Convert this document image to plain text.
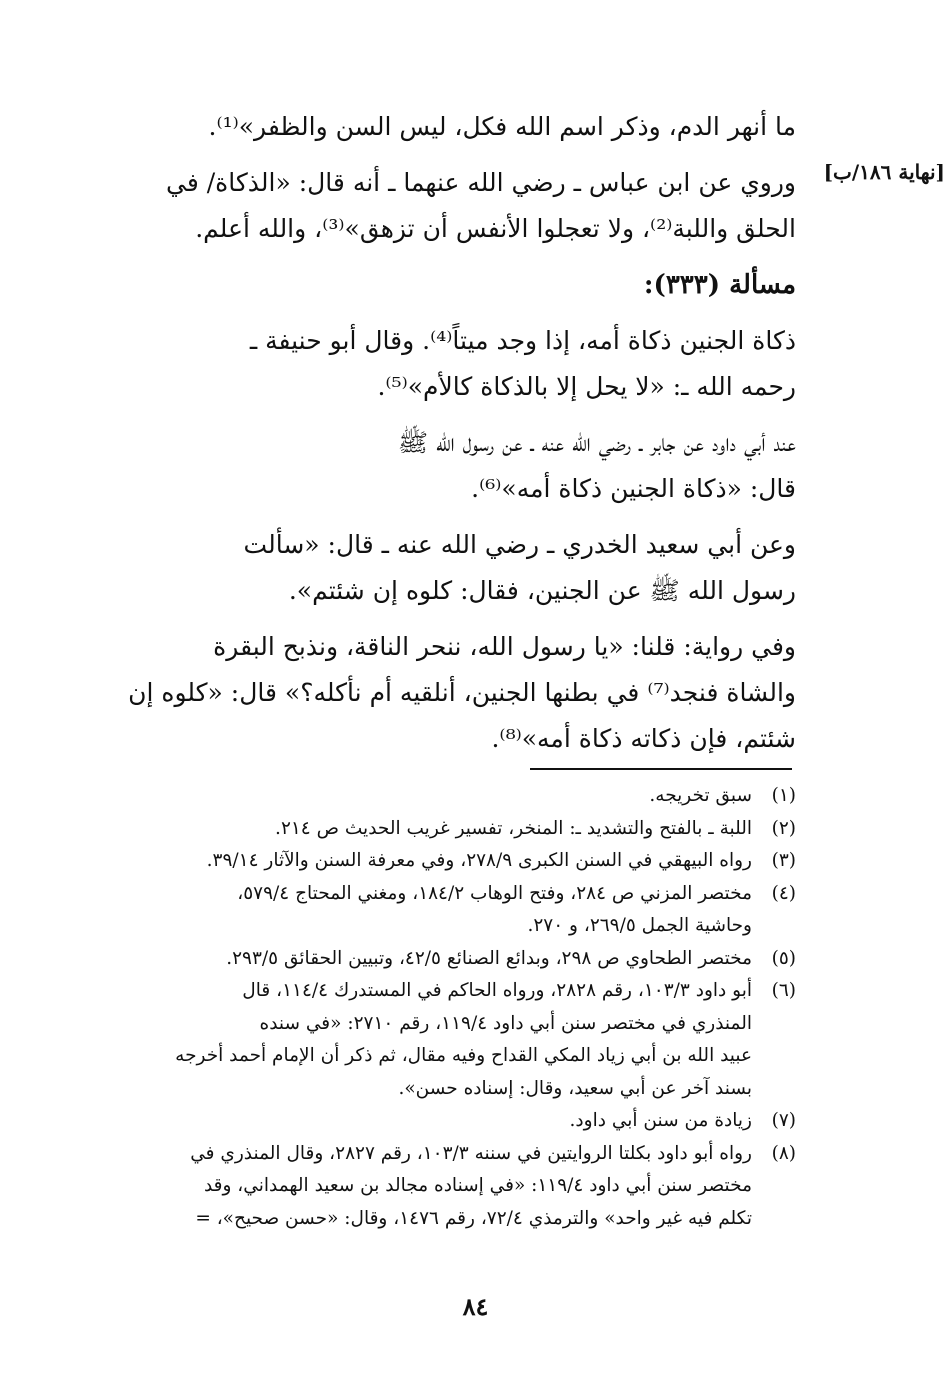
[نهاية ١٨٦/ب]
ما أنهر الدم، وذكر اسم الله فكل، ليس السن والظفر»⁽¹⁾.
وروي عن ابن عباس ـ رضي الله عنهما ـ أنه قال: «الذكاة/ في
الحلق واللبة⁽²⁾، ولا تعجلوا الأنفس أن تزهق»⁽³⁾، والله أعلم.
مسألة (٣٣٣):
ذكاة الجنين ذكاة أمه، إذا وجد ميتاً⁽⁴⁾. وقال أبو حنيفة ـ
رحمه الله ـ: «لا يحل إلا بالذكاة كالأم»⁽⁵⁾.
عند أبي داود عن جابر ـ رضي الله عنه ـ عن رسول الله ﷺ
قال: «ذكاة الجنين ذكاة أمه»⁽⁶⁾.
وعن أبي سعيد الخدري ـ رضي الله عنه ـ قال: «سألت
رسول الله ﷺ عن الجنين، فقال: كلوه إن شئتم».
وفي رواية: قلنا: «يا رسول الله، ننحر الناقة، ونذبح البقرة
والشاة فنجد⁽⁷⁾ في بطنها الجنين، أنلقيه أم نأكله؟» قال: «كلوه إن
شئتم، فإن ذكاته ذكاة أمه»⁽⁸⁾.
(١)
سبق تخريجه.
(٢)
اللبة ـ بالفتح والتشديد ـ: المنخر، تفسير غريب الحديث ص ٢١٤.
(٣)
رواه البيهقي في السنن الكبرى ٢٧٨/٩، وفي معرفة السنن والآثار ٣٩/١٤.
(٤)
مختصر المزني ص ٢٨٤، وفتح الوهاب ١٨٤/٢، ومغني المحتاج ٥٧٩/٤،
وحاشية الجمل ٢٦٩/٥، و ٢٧٠.
(٥)
مختصر الطحاوي ص ٢٩٨، وبدائع الصنائع ٤٢/٥، وتبيين الحقائق ٢٩٣/٥.
(٦)
أبو داود ١٠٣/٣، رقم ٢٨٢٨، ورواه الحاكم في المستدرك ١١٤/٤، قال
المنذري في مختصر سنن أبي داود ١١٩/٤، رقم ٢٧١٠: «في سنده
عبيد الله بن أبي زياد المكي القداح وفيه مقال، ثم ذكر أن الإمام أحمد أخرجه
بسند آخر عن أبي سعيد، وقال: إسناده حسن».
(٧)
زيادة من سنن أبي داود.
(٨)
رواه أبو داود بكلتا الروايتين في سننه ١٠٣/٣، رقم ٢٨٢٧، وقال المنذري في
مختصر سنن أبي داود ١١٩/٤: «في إسناده مجالد بن سعيد الهمداني، وقد
تكلم فيه غير واحد» والترمذي ٧٢/٤، رقم ١٤٧٦، وقال: «حسن صحيح»، =
٨٤
